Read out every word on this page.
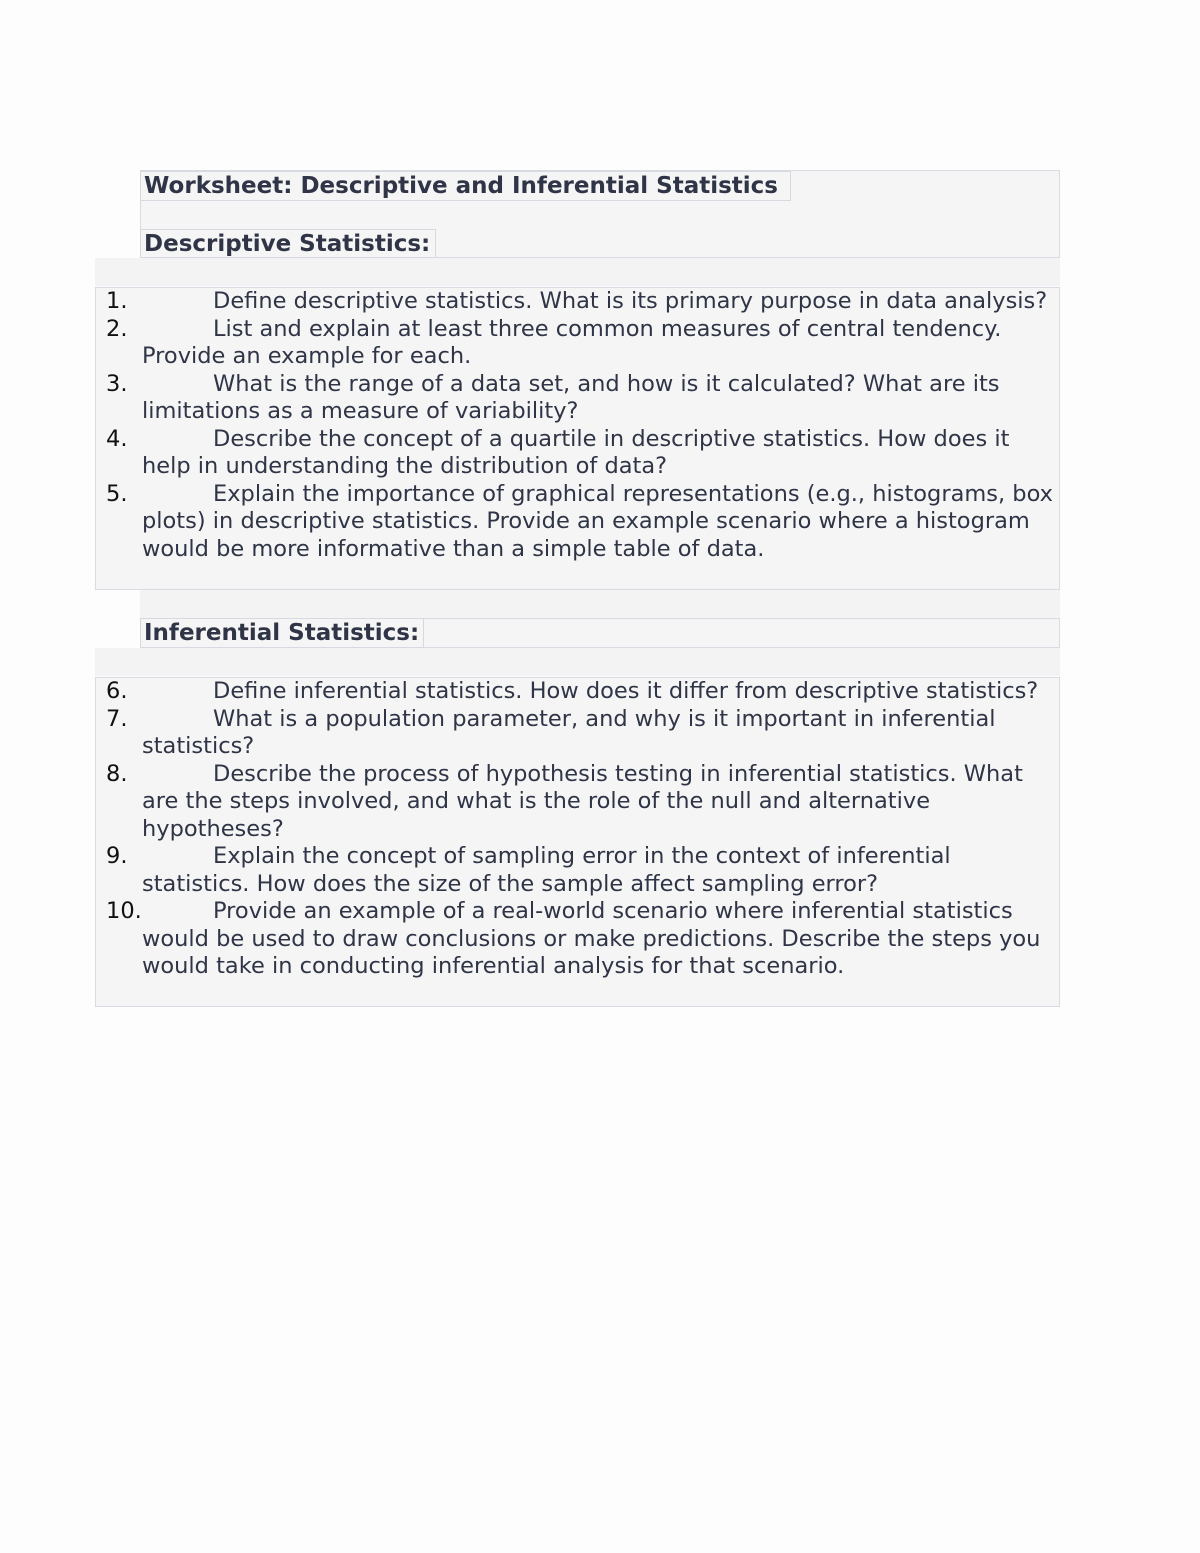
Worksheet: Descriptive and Inferential Statistics
Descriptive Statistics:
1.	Define descriptive statistics. What is its primary purpose in data analysis?
2.	List and explain at least three common measures of central tendency. Provide an example for each.
3.	What is the range of a data set, and how is it calculated? What are its limitations as a measure of variability?
4.	Describe the concept of a quartile in descriptive statistics. How does it help in understanding the distribution of data?
5.	Explain the importance of graphical representations (e.g., histograms, box plots) in descriptive statistics. Provide an example scenario where a histogram would be more informative than a simple table of data.
Inferential Statistics:
6.	Define inferential statistics. How does it differ from descriptive statistics?
7.	What is a population parameter, and why is it important in inferential statistics?
8.	Describe the process of hypothesis testing in inferential statistics. What are the steps involved, and what is the role of the null and alternative hypotheses?
9.	Explain the concept of sampling error in the context of inferential statistics. How does the size of the sample affect sampling error?
10.	Provide an example of a real-world scenario where inferential statistics would be used to draw conclusions or make predictions. Describe the steps you would take in conducting inferential analysis for that scenario.
